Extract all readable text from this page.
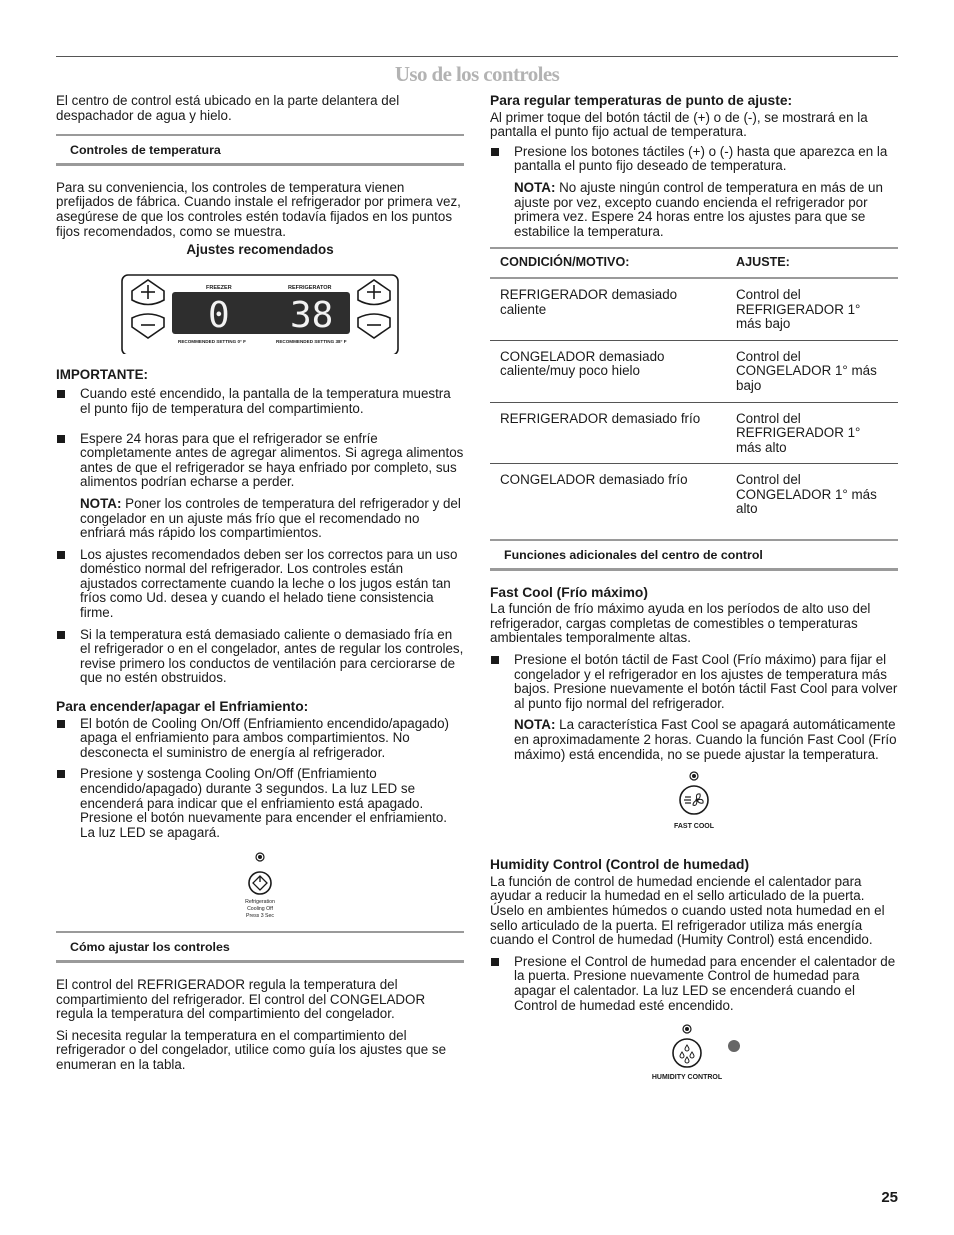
Uso de los controles

El centro de control está ubicado en la parte delantera del despachador de agua y hielo.

Controles de temperatura

Para su conveniencia, los controles de temperatura vienen prefijados de fábrica. Cuando instale el refrigerador por primera vez, asegúrese de que los controles estén todavía fijados en los puntos fijos recomendados, como se muestra.

Ajustes recomendados

FREEZER	REFRIGERATOR
0 38
RECOMMENDED SETTING 0° F	RECOMMENDED SETTING 38° F

IMPORTANTE:

Cuando esté encendido, la pantalla de la temperatura muestra el punto fijo de temperatura del compartimiento.
Espere 24 horas para que el refrigerador se enfríe completamente antes de agregar alimentos. Si agrega alimentos antes de que el refrigerador se haya enfriado por completo, sus alimentos podrían echarse a perder.

NOTA: Poner los controles de temperatura del refrigerador y del congelador en un ajuste más frío que el recomendado no enfriará más rápido los compartimientos.

Los ajustes recomendados deben ser los correctos para un uso doméstico normal del refrigerador. Los controles están ajustados correctamente cuando la leche o los jugos están tan fríos como Ud. desea y cuando el helado tiene consistencia firme.
Si la temperatura está demasiado caliente o demasiado fría en el refrigerador o en el congelador, antes de regular los controles, revise primero los conductos de ventilación para cerciorarse de que no estén obstruidos.

Para encender/apagar el Enfriamiento:

El botón de Cooling On/Off (Enfriamiento encendido/apagado) apaga el enfriamiento para ambos compartimientos. No desconecta el suministro de energía al refrigerador.
Presione y sostenga Cooling On/Off (Enfriamiento encendido/apagado) durante 3 segundos. La luz LED se encenderá para indicar que el enfriamiento está apagado. Presione el botón nuevamente para encender el enfriamiento. La luz LED se apagará.
Refrigeration
Cooling Off
Press 3 Sec
Cómo ajustar los controles

El control del REFRIGERADOR regula la temperatura del compartimiento del refrigerador. El control del CONGELADOR regula la temperatura del compartimiento del congelador.

Si necesita regular la temperatura en el compartimiento del refrigerador o del congelador, utilice como guía los ajustes que se enumeran en la tabla.

Para regular temperaturas de punto de ajuste:

Al primer toque del botón táctil de (+) o de (-), se mostrará en la pantalla el punto fijo actual de temperatura.

Presione los botones táctiles (+) o (-) hasta que aparezca en la pantalla el punto fijo deseado de temperatura.

NOTA: No ajuste ningún control de temperatura en más de un ajuste por vez, excepto cuando encienda el refrigerador por primera vez. Espere 24 horas entre los ajustes para que se estabilice la temperatura.

CONDICIÓN/MOTIVO:	AJUSTE:
REFRIGERADOR demasiado caliente	Control del REFRIGERADOR 1° más bajo
CONGELADOR demasiado caliente/muy poco hielo	Control del CONGELADOR 1° más bajo
REFRIGERADOR demasiado frío	Control del REFRIGERADOR 1° más alto
CONGELADOR demasiado frío	Control del CONGELADOR 1° más alto
Funciones adicionales del centro de control

Fast Cool (Frío máximo)

La función de frío máximo ayuda en los períodos de alto uso del refrigerador, cargas completas de comestibles o temperaturas ambientales temporalmente altas.

Presione el botón táctil de Fast Cool (Frío máximo) para fijar el congelador y el refrigerador en los ajustes de temperatura más bajos. Presione nuevamente el botón táctil Fast Cool para volver al punto fijo normal del refrigerador.

NOTA: La característica Fast Cool se apagará automáticamente en aproximadamente 2 horas. Cuando la función Fast Cool (Frío máximo) está encendida, no se puede ajustar la temperatura.

FAST COOL

Humidity Control (Control de humedad)

La función de control de humedad enciende el calentador para ayudar a reducir la humedad en el sello articulado de la puerta. Úselo en ambientes húmedos o cuando usted nota humedad en el sello articulado de la puerta. El refrigerador utiliza más energía cuando el Control de humedad (Humity Control) está encendido.

Presione el Control de humedad para encender el calentador de la puerta. Presione nuevamente Control de humedad para apagar el calentador. La luz LED se encenderá cuando el Control de humedad esté encendido.
HUMIDITY CONTROL
25
